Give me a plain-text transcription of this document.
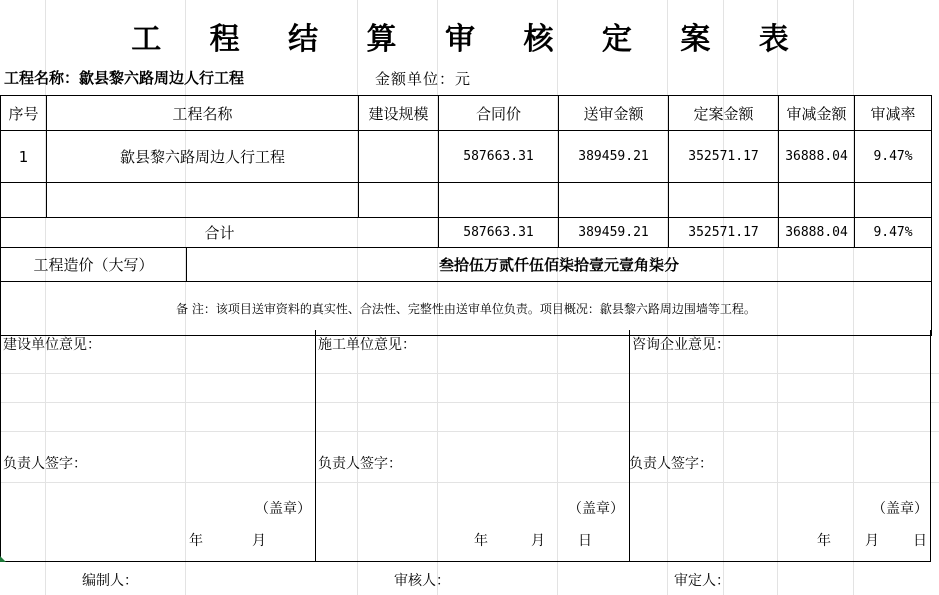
工 程 结 算 审 核 定 案 表
工程名称：歙县黎六路周边人行工程	金额单位：元
序号	工程名称		建设规模	合同价	送审金额	定案金额	审减金额	审减率
1	歙县黎六路周边人行工程			587663.31	389459.21	352571.17	36888.04	9.47%

合计				587663.31	389459.21	352571.17	36888.04	9.47%
工程造价（大写）		叁拾伍万贰仟伍佰柒拾壹元壹角柒分						
备 注：该项目送审资料的真实性、合法性、完整性由送审单位负责。项目概况：歙县黎六路周边围墙等工程。								
建设单位意见：
负责人签字：
（盖章）
年	月
施工单位意见：
负责人签字：
（盖章）
年	月 日
咨询企业意见：
负责人签字：
（盖章）
年 月 日
编制人：	审核人：	审定人：
